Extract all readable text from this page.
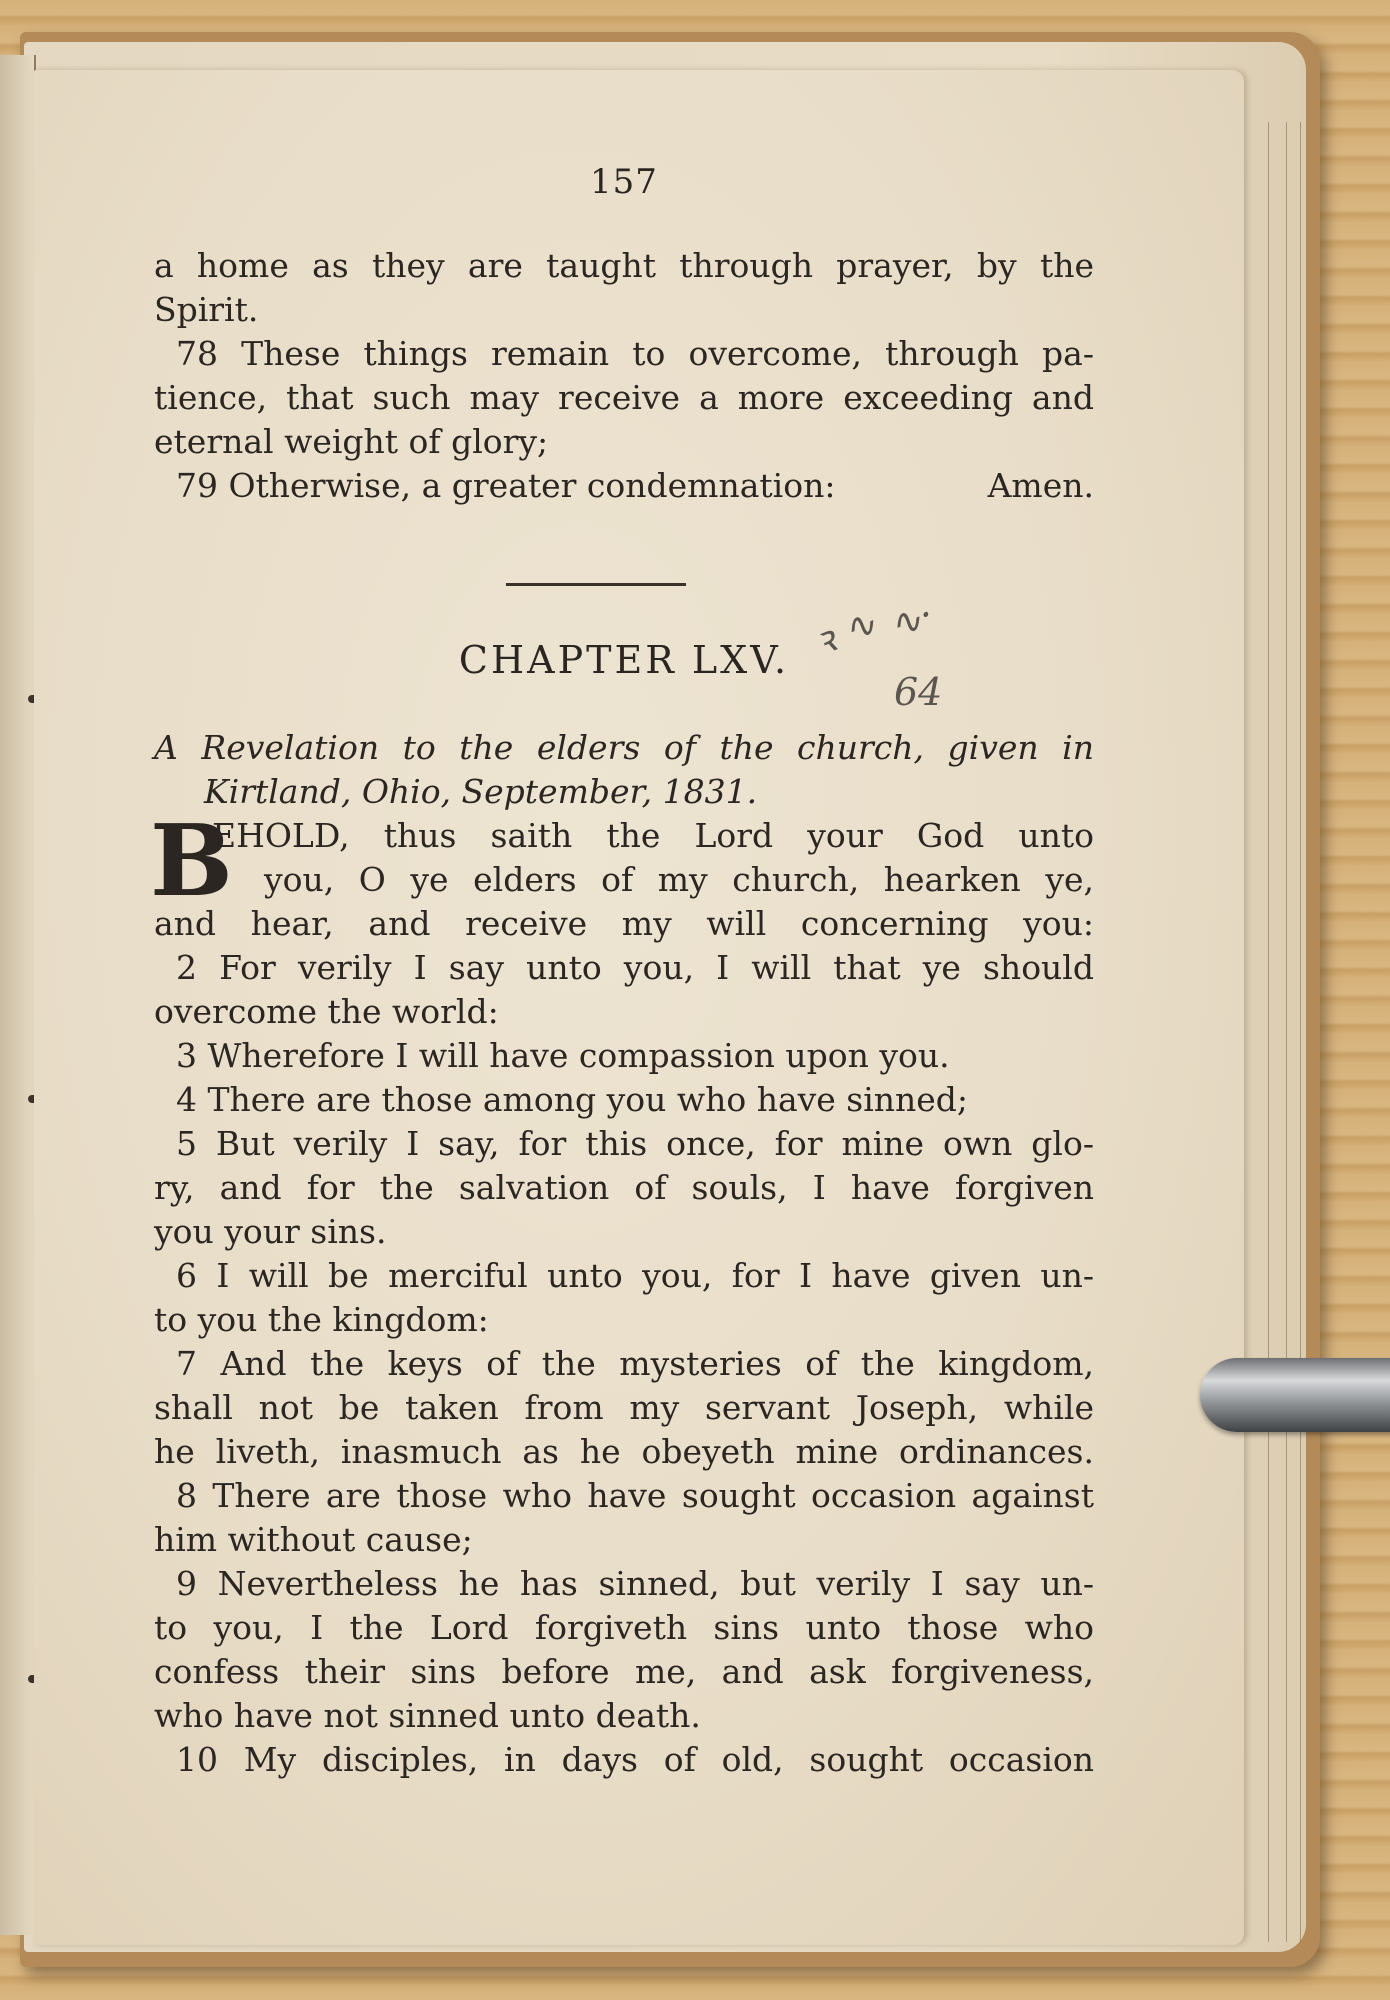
ꝛ ∿ ∿·
64
157
a home as they are taught through prayer, by the
Spirit.
78 These things remain to overcome, through pa-
tience, that such may receive a more exceeding and
eternal weight of glory;
79 Otherwise, a greater condemnation:	Amen.
CHAPTER LXV.
A Revelation to the elders of the church, given in
Kirtland, Ohio, September, 1831.
B
EHOLD, thus saith the Lord your God unto
you, O ye elders of my church, hearken ye,
and hear, and receive my will concerning you:
2 For verily I say unto you, I will that ye should
overcome the world:
3 Wherefore I will have compassion upon you.
4 There are those among you who have sinned;
5 But verily I say, for this once, for mine own glo-
ry, and for the salvation of souls, I have forgiven
you your sins.
6 I will be merciful unto you, for I have given un-
to you the kingdom:
7 And the keys of the mysteries of the kingdom,
shall not be taken from my servant Joseph, while
he liveth, inasmuch as he obeyeth mine ordinances.
8 There are those who have sought occasion against
him without cause;
9 Nevertheless he has sinned, but verily I say un-
to you, I the Lord forgiveth sins unto those who
confess their sins before me, and ask forgiveness,
who have not sinned unto death.
10 My disciples, in days of old, sought occasion
